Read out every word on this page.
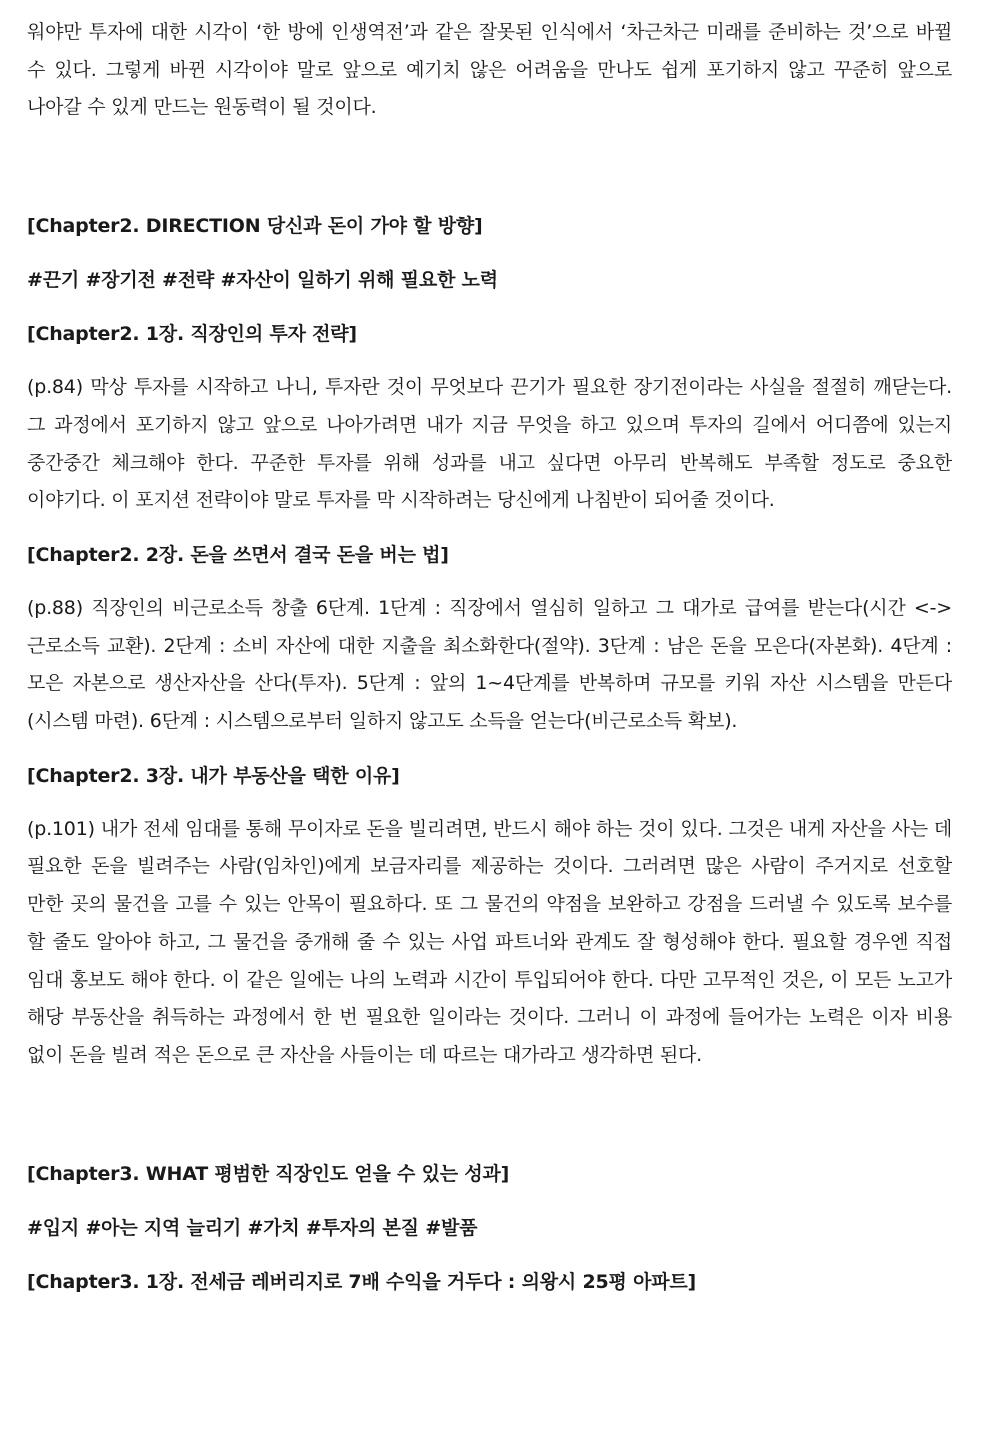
워야만 투자에 대한 시각이 ‘한 방에 인생역전’과 같은 잘못된 인식에서 ‘차근차근 미래를 준비하는 것’으로 바뀔 수 있다. 그렇게 바뀐 시각이야 말로 앞으로 예기치 않은 어려움을 만나도 쉽게 포기하지 않고 꾸준히 앞으로 나아갈 수 있게 만드는 원동력이 될 것이다.

[Chapter2. DIRECTION 당신과 돈이 가야 할 방향]

#끈기 #장기전 #전략 #자산이 일하기 위해 필요한 노력

[Chapter2. 1장. 직장인의 투자 전략]

(p.84) 막상 투자를 시작하고 나니, 투자란 것이 무엇보다 끈기가 필요한 장기전이라는 사실을 절절히 깨닫는다. 그 과정에서 포기하지 않고 앞으로 나아가려면 내가 지금 무엇을 하고 있으며 투자의 길에서 어디쯤에 있는지 중간중간 체크해야 한다. 꾸준한 투자를 위해 성과를 내고 싶다면 아무리 반복해도 부족할 정도로 중요한 이야기다. 이 포지션 전략이야 말로 투자를 막 시작하려는 당신에게 나침반이 되어줄 것이다.

[Chapter2. 2장. 돈을 쓰면서 결국 돈을 버는 법]

(p.88) 직장인의 비근로소득 창출 6단계. 1단계 : 직장에서 열심히 일하고 그 대가로 급여를 받는다(시간 <-> 근로소득 교환). 2단계 : 소비 자산에 대한 지출을 최소화한다(절약). 3단계 : 남은 돈을 모은다(자본화). 4단계 : 모은 자본으로 생산자산을 산다(투자). 5단계 : 앞의 1~4단계를 반복하며 규모를 키워 자산 시스템을 만든다(시스템 마련). 6단계 : 시스템으로부터 일하지 않고도 소득을 얻는다(비근로소득 확보).

[Chapter2. 3장. 내가 부동산을 택한 이유]

(p.101) 내가 전세 임대를 통해 무이자로 돈을 빌리려면, 반드시 해야 하는 것이 있다. 그것은 내게 자산을 사는 데 필요한 돈을 빌려주는 사람(임차인)에게 보금자리를 제공하는 것이다. 그러려면 많은 사람이 주거지로 선호할 만한 곳의 물건을 고를 수 있는 안목이 필요하다. 또 그 물건의 약점을 보완하고 강점을 드러낼 수 있도록 보수를 할 줄도 알아야 하고, 그 물건을 중개해 줄 수 있는 사업 파트너와 관계도 잘 형성해야 한다. 필요할 경우엔 직접 임대 홍보도 해야 한다. 이 같은 일에는 나의 노력과 시간이 투입되어야 한다. 다만 고무적인 것은, 이 모든 노고가 해당 부동산을 취득하는 과정에서 한 번 필요한 일이라는 것이다. 그러니 이 과정에 들어가는 노력은 이자 비용 없이 돈을 빌려 적은 돈으로 큰 자산을 사들이는 데 따르는 대가라고 생각하면 된다.

[Chapter3. WHAT 평범한 직장인도 얻을 수 있는 성과]

#입지 #아는 지역 늘리기 #가치 #투자의 본질 #발품

[Chapter3. 1장. 전세금 레버리지로 7배 수익을 거두다 : 의왕시 25평 아파트]
